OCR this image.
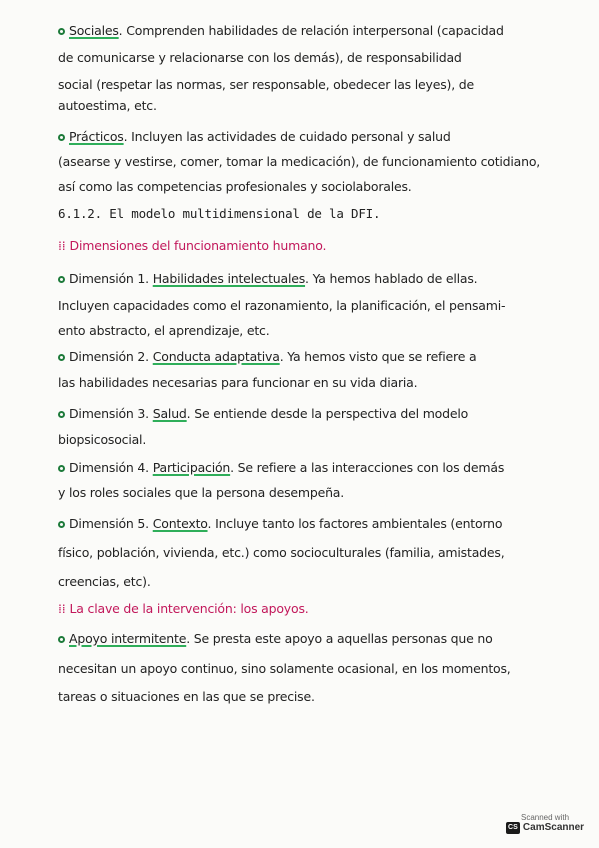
Sociales. Comprenden habilidades de relación interpersonal (capacidad
de comunicarse y relacionarse con los demás), de responsabilidad
social (respetar las normas, ser responsable, obedecer las leyes), de
autoestima, etc.
Prácticos. Incluyen las actividades de cuidado personal y salud
(asearse y vestirse, comer, tomar la medicación), de funcionamiento cotidiano,
así como las competencias profesionales y sociolaborales.
6.1.2. El modelo multidimensional de la DFI.
⁞⁞ Dimensiones del funcionamiento humano.
Dimensión 1. Habilidades intelectuales. Ya hemos hablado de ellas.
Incluyen capacidades como el razonamiento, la planificación, el pensami-
ento abstracto, el aprendizaje, etc.
Dimensión 2. Conducta adaptativa. Ya hemos visto que se refiere a
las habilidades necesarias para funcionar en su vida diaria.
Dimensión 3. Salud. Se entiende desde la perspectiva del modelo
biopsicosocial.
Dimensión 4. Participación. Se refiere a las interacciones con los demás
y los roles sociales que la persona desempeña.
Dimensión 5. Contexto. Incluye tanto los factores ambientales (entorno
físico, población, vivienda, etc.) como socioculturales (familia, amistades,
creencias, etc).
⁞⁞ La clave de la intervención: los apoyos.
Apoyo intermitente. Se presta este apoyo a aquellas personas que no
necesitan un apoyo continuo, sino solamente ocasional, en los momentos,
tareas o situaciones en las que se precise.
Scanned with
CS CamScanner
